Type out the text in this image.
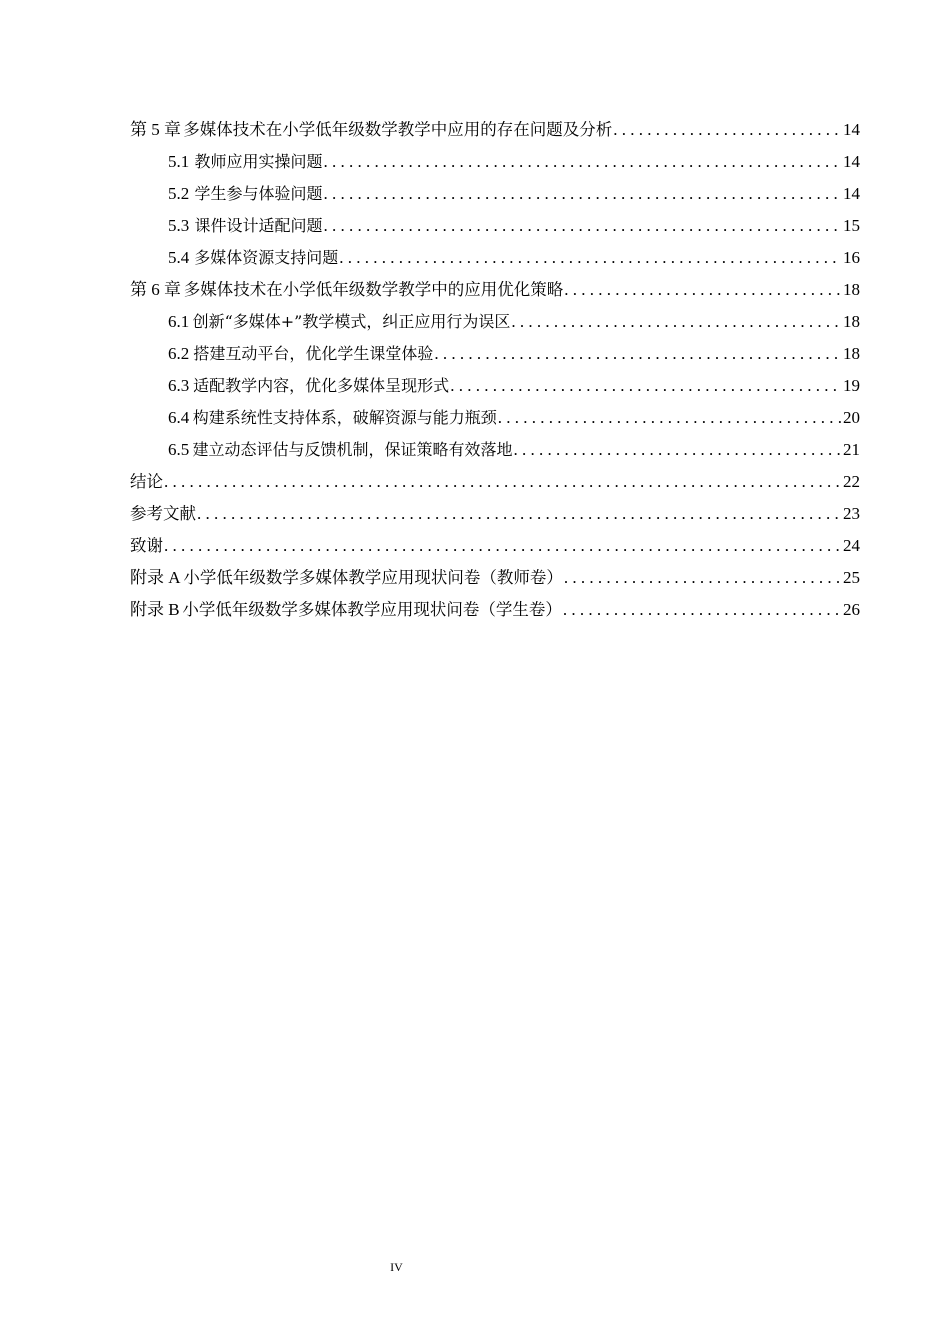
第 5 章 多媒体技术在小学低年级数学教学中应用的存在问题及分析 . . .	14
5.1 教师应用实操问题 . . .	14
5.2 学生参与体验问题 . . .	14
5.3 课件设计适配问题 . . .	15
5.4 多媒体资源支持问题 . . .	16
第 6 章 多媒体技术在小学低年级数学教学中的应用优化策略 . . .	18
6.1 创新“多媒体+”教学模式，纠正应用行为误区 . . .	18
6.2 搭建互动平台，优化学生课堂体验 . . .	18
6.3 适配教学内容，优化多媒体呈现形式 . . .	19
6.4 构建系统性支持体系，破解资源与能力瓶颈 . . .	20
6.5 建立动态评估与反馈机制，保证策略有效落地 . . .	21
结论 . . .	22
参考文献 . . .	23
致谢 . . .	24
附录 A 小学低年级数学多媒体教学应用现状问卷（教师卷） . . .	25
附录 B 小学低年级数学多媒体教学应用现状问卷（学生卷） . . .	26
IV
